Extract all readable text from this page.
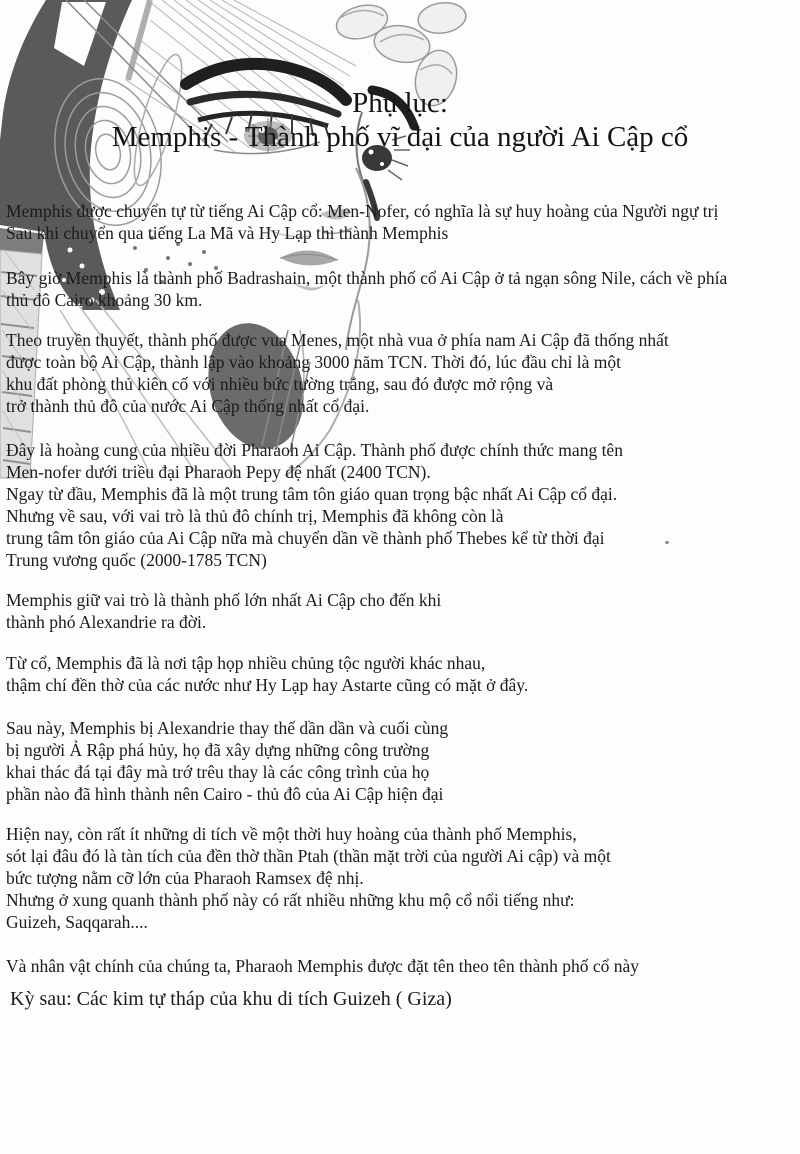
Phụ lục:
Memphis - Thành phố vĩ đại của người Ai Cập cổ
Memphis được chuyển tự từ tiếng Ai Cập cổ: Men-Nofer, có nghĩa là sự huy hoàng của Người ngự trị
Sau khi chuyển qua tiếng La Mã và Hy Lạp thì thành Memphis
Bây giờ Memphis là thành phố Badrashain, một thành phố cổ Ai Cập ở tả ngạn sông Nile, cách về phía
thủ đô Cairo khoảng 30 km.
Theo truyền thuyết, thành phố được vua Menes, một nhà vua ở phía nam Ai Cập đã thống nhất
được toàn bộ Ai Cập, thành lập vào khoảng 3000 năm TCN. Thời đó, lúc đầu chỉ là một
khu đất phòng thủ kiên cố với nhiều bức tường trắng, sau đó được mở rộng và
trở thành thủ đô của nước Ai Cập thống nhất cổ đại.
Đây là hoàng cung của nhiều đời Pharaoh Ai Cập. Thành phố được chính thức mang tên
Men-nofer dưới triều đại Pharaoh Pepy đệ nhất (2400 TCN).
Ngay từ đầu, Memphis đã là một trung tâm tôn giáo quan trọng bậc nhất Ai Cập cổ đại.
Nhưng về sau, với vai trò là thủ đô chính trị, Memphis đã không còn là
trung tâm tôn giáo của Ai Cập nữa mà chuyển dần về thành phố Thebes kể từ thời đại
Trung vương quốc (2000-1785 TCN)
Memphis giữ vai trò là thành phố lớn nhất Ai Cập cho đến khi
thành phó Alexandrie ra đời.
Từ cổ, Memphis đã là nơi tập họp nhiều chủng tộc người khác nhau,
thậm chí đền thờ của các nước như Hy Lạp hay Astarte cũng có mặt ở đây.
Sau này, Memphis bị Alexandrie thay thế dần dần và cuối cùng
bị người Ả Rập phá hủy, họ đã xây dựng những công trường
khai thác đá tại đây mà trớ trêu thay là các công trình của họ
phần nào đã hình thành nên Cairo - thủ đô của Ai Cập hiện đại
Hiện nay, còn rất ít những di tích về một thời huy hoàng của thành phố Memphis,
sót lại đâu đó là tàn tích của đền thờ thần Ptah (thần mặt trời của người Ai cập) và một
bức tượng nằm cỡ lớn của Pharaoh Ramsex đệ nhị.
Nhưng ở xung quanh thành phố này có rất nhiều những khu mộ cổ nổi tiếng như:
Guizeh, Saqqarah....
Và nhân vật chính của chúng ta, Pharaoh Memphis được đặt tên theo tên thành phố cổ này
Kỳ sau: Các kim tự tháp của khu di tích Guizeh ( Giza)
